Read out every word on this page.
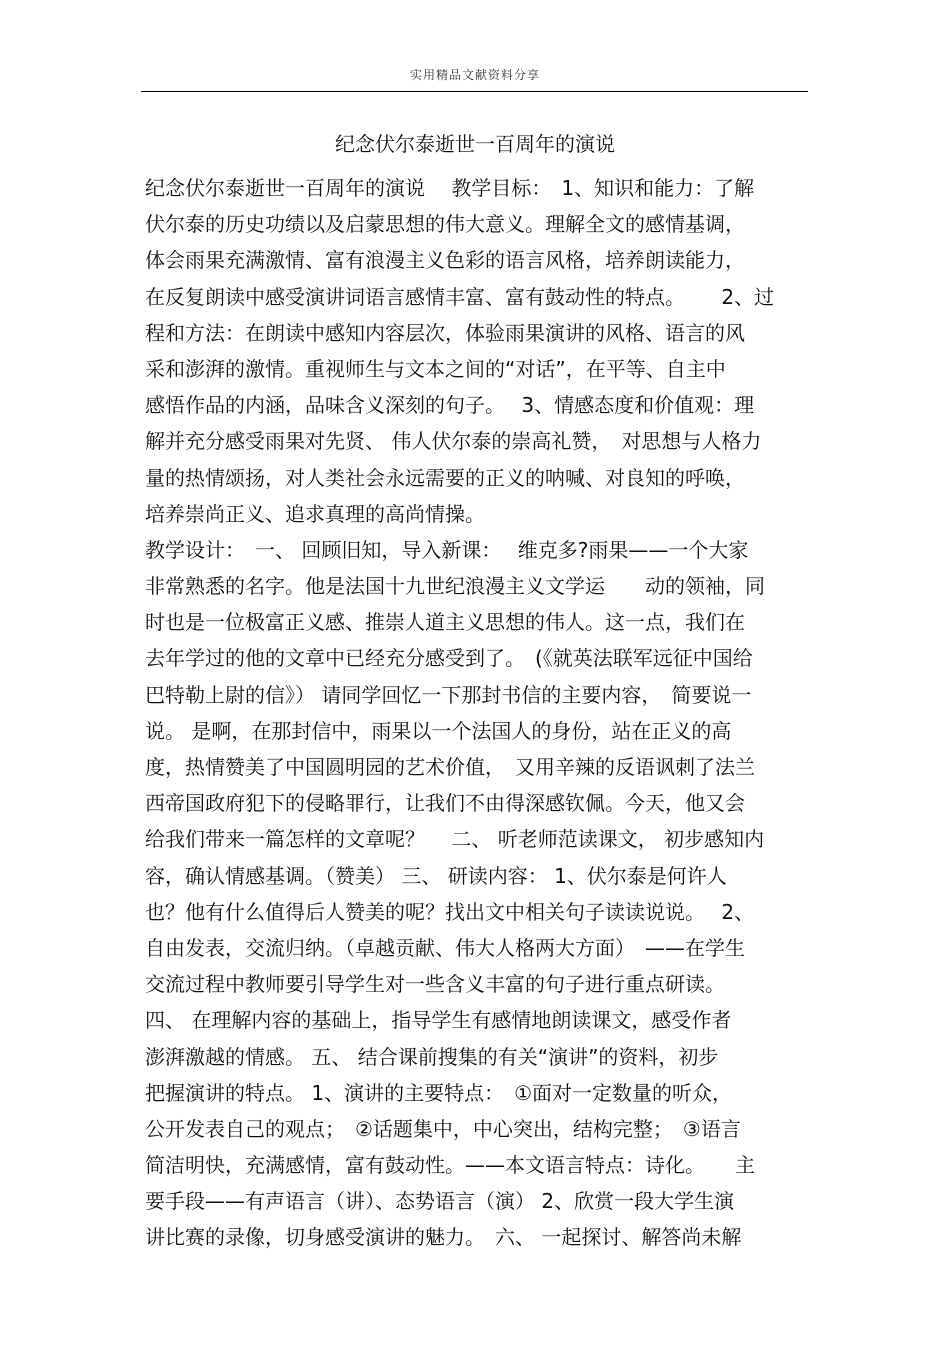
实用精品文献资料分享
纪念伏尔泰逝世一百周年的演说
纪念伏尔泰逝世一百周年的演说　 教学目标：　1、知识和能力：了解
伏尔泰的历史功绩以及启蒙思想的伟大意义。理解全文的感情基调，
体会雨果充满激情、富有浪漫主义色彩的语言风格，培养朗读能力，
在反复朗读中感受演讲词语言感情丰富、富有鼓动性的特点。　　 2、过
程和方法：在朗读中感知内容层次，体验雨果演讲的风格、语言的风
采和澎湃的激情。重视师生与文本之间的“对话”，在平等、自主中
感悟作品的内涵，品味含义深刻的句子。　 3、情感态度和价值观：理
解并充分感受雨果对先贤、 伟人伏尔泰的崇高礼赞，　对思想与人格力
量的热情颂扬，对人类社会永远需要的正义的呐喊、对良知的呼唤，
培养崇尚正义、追求真理的高尚情操。
教学设计：　一、 回顾旧知，导入新课：　 维克多?雨果——一个大家
非常熟悉的名字。他是法国十九世纪浪漫主义文学运　　动的领袖，同
时也是一位极富正义感、推崇人道主义思想的伟人。这一点，我们在
去年学过的他的文章中已经充分感受到了。　(《就英法联军远征中国给
巴特勒上尉的信》） 请同学回忆一下那封书信的主要内容，　简要说一
说。 是啊，在那封信中，雨果以一个法国人的身份，站在正义的高
度，热情赞美了中国圆明园的艺术价值，　又用辛辣的反语讽刺了法兰
西帝国政府犯下的侵略罪行，让我们不由得深感钦佩。今天，他又会
给我们带来一篇怎样的文章呢？　 二、 听老师范读课文， 初步感知内
容，确认情感基调。（赞美） 三、 研读内容： 1、伏尔泰是何许人
也？他有什么值得后人赞美的呢？找出文中相关句子读读说说。　 2、
自由发表，交流归纳。（卓越贡献、伟大人格两大方面）　——在学生
交流过程中教师要引导学生对一些含义丰富的句子进行重点研读。
四、 在理解内容的基础上，指导学生有感情地朗读课文，感受作者
澎湃激越的情感。 五、 结合课前搜集的有关“演讲”的资料，初步
把握演讲的特点。 1、演讲的主要特点：　①面对一定数量的听众，
公开发表自己的观点；　②话题集中，中心突出，结构完整；　③语言
简洁明快，充满感情，富有鼓动性。——本文语言特点：诗化。　　主
要手段——有声语言（讲）、态势语言（演） 2、欣赏一段大学生演
讲比赛的录像，切身感受演讲的魅力。　六、 一起探讨、解答尚未解
